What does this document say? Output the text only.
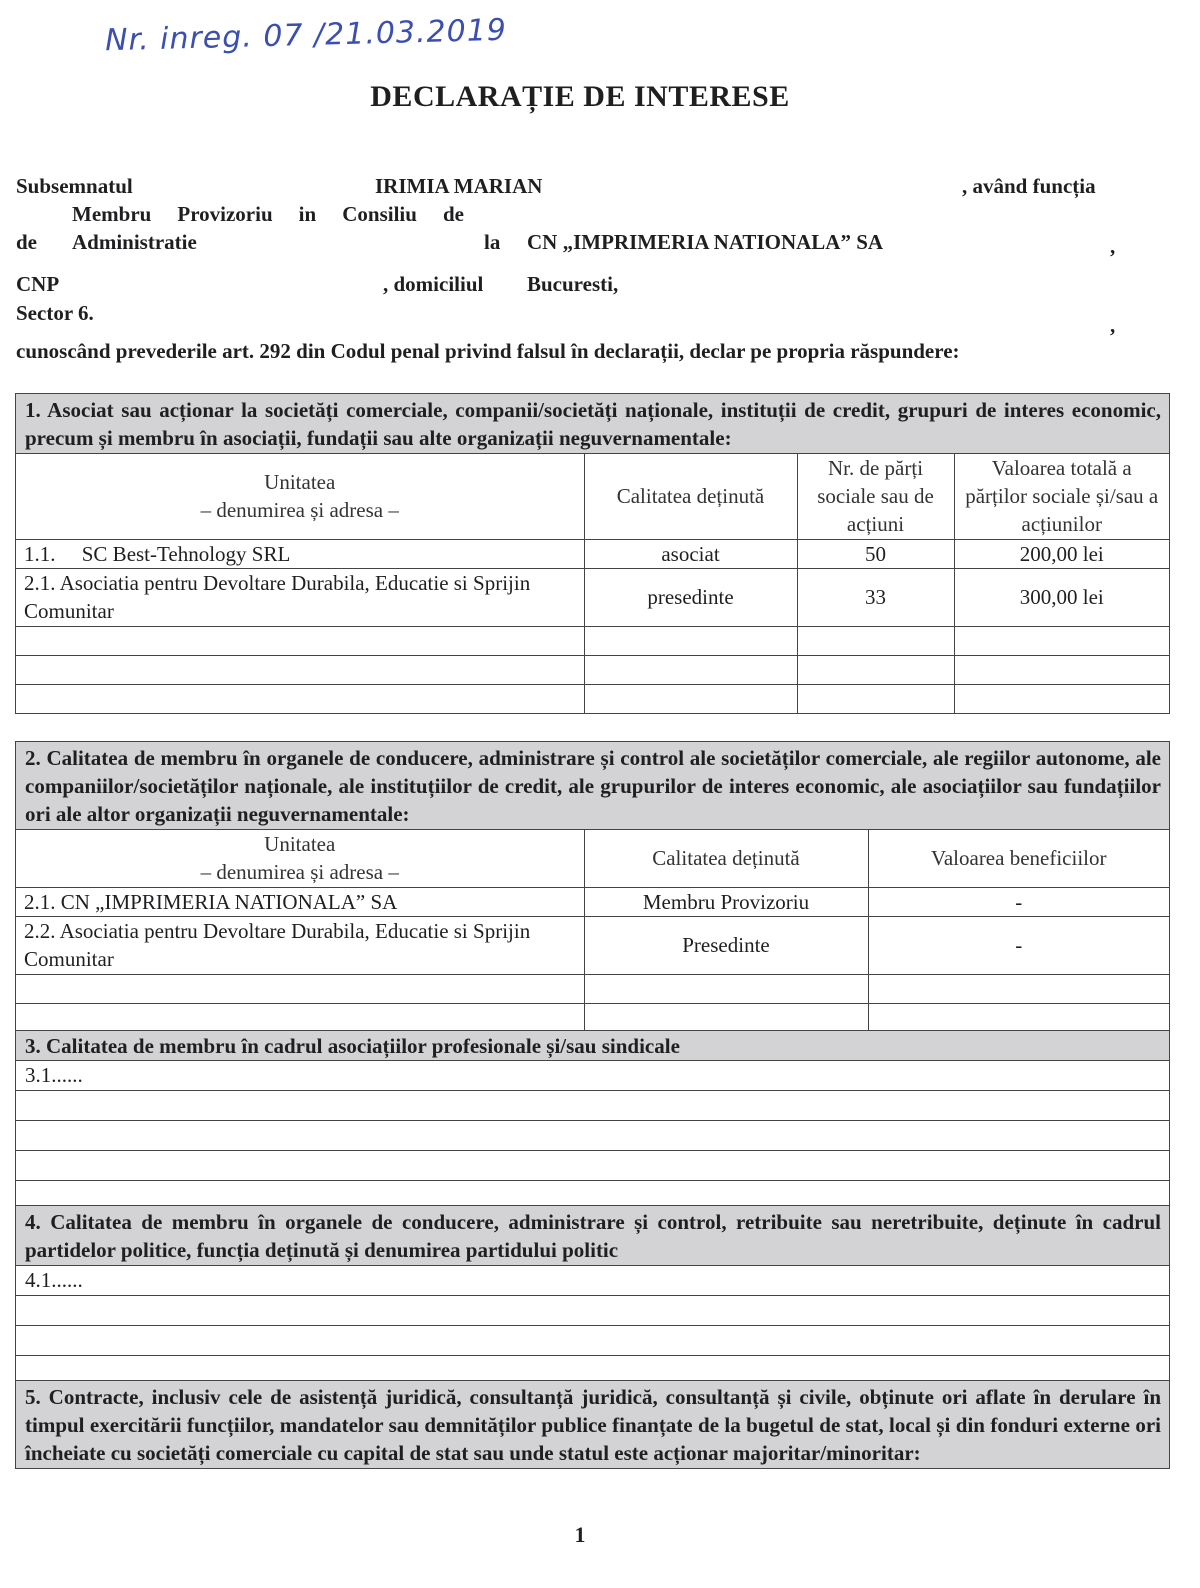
Nr. inreg. 07 /21.03.2019
DECLARAȚIE DE INTERESE
Subsemnatul	IRIMIA MARIAN	, având funcția
Membru Provizoriu in Consiliu de
de Administratie	la CN „IMPRIMERIA NATIONALA” SA	,
CNP	, domiciliul Bucuresti,
Sector 6.	,
cunoscând prevederile art. 292 din Codul penal privind falsul în declarații, declar pe propria răspundere:
1. Asociat sau acționar la societăți comerciale, companii/societăți naționale, instituții de credit, grupuri de interes economic, precum și membru în asociații, fundații sau alte organizații neguvernamentale:
Unitatea
– denumirea și adresa –	Calitatea deținută	Nr. de părți sociale sau de acțiuni	Valoarea totală a părților sociale și/sau a acțiunilor
1.1.     SC Best-Tehnology SRL	asociat	50	200,00 lei
2.1. Asociatia pentru Devoltare Durabila, Educatie si Sprijin Comunitar	presedinte	33	300,00 lei

2. Calitatea de membru în organele de conducere, administrare și control ale societăților comerciale, ale regiilor autonome, ale companiilor/societăților naționale, ale instituțiilor de credit, ale grupurilor de interes economic, ale asociațiilor sau fundațiilor ori ale altor organizații neguvernamentale:
Unitatea
– denumirea și adresa –	Calitatea deținută	Valoarea beneficiilor
2.1. CN „IMPRIMERIA NATIONALA” SA	Membru Provizoriu	-
2.2. Asociatia pentru Devoltare Durabila, Educatie si Sprijin Comunitar	Presedinte	-

3. Calitatea de membru în cadrul asociațiilor profesionale și/sau sindicale
3.1......
4. Calitatea de membru în organele de conducere, administrare și control, retribuite sau neretribuite, deținute în cadrul partidelor politice, funcția deținută și denumirea partidului politic
4.1......
5. Contracte, inclusiv cele de asistență juridică, consultanță juridică, consultanță și civile, obținute ori aflate în derulare în timpul exercitării funcțiilor, mandatelor sau demnităților publice finanțate de la bugetul de stat, local și din fonduri externe ori încheiate cu societăți comerciale cu capital de stat sau unde statul este acționar majoritar/minoritar:
1
